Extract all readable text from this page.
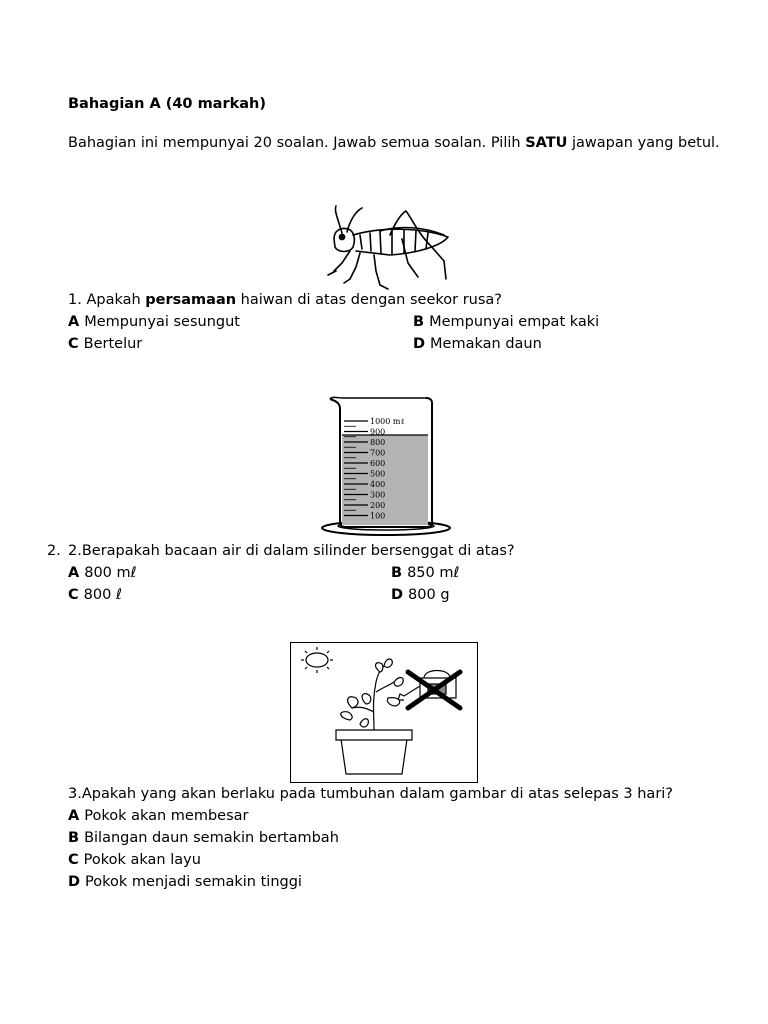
Bahagian A (40 markah)
Bahagian ini mempunyai 20 soalan. Jawab semua soalan. Pilih SATU jawapan yang betul.
1. Apakah persamaan haiwan di atas dengan seekor rusa?
A Mempunyai sesungut	B Mempunyai empat kaki
C Bertelur	D Memakan daun
1000 mℓ
900
800
700
600
500
400
300
200
100
2. 2.Berapakah bacaan air di dalam silinder bersenggat di atas?
A 800 mℓ	B 850 mℓ
C 800 ℓ	D 800 g
3.Apakah yang akan berlaku pada tumbuhan dalam gambar di atas selepas 3 hari?
A Pokok akan membesar
B Bilangan daun semakin bertambah
C Pokok akan layu
D Pokok menjadi semakin tinggi
